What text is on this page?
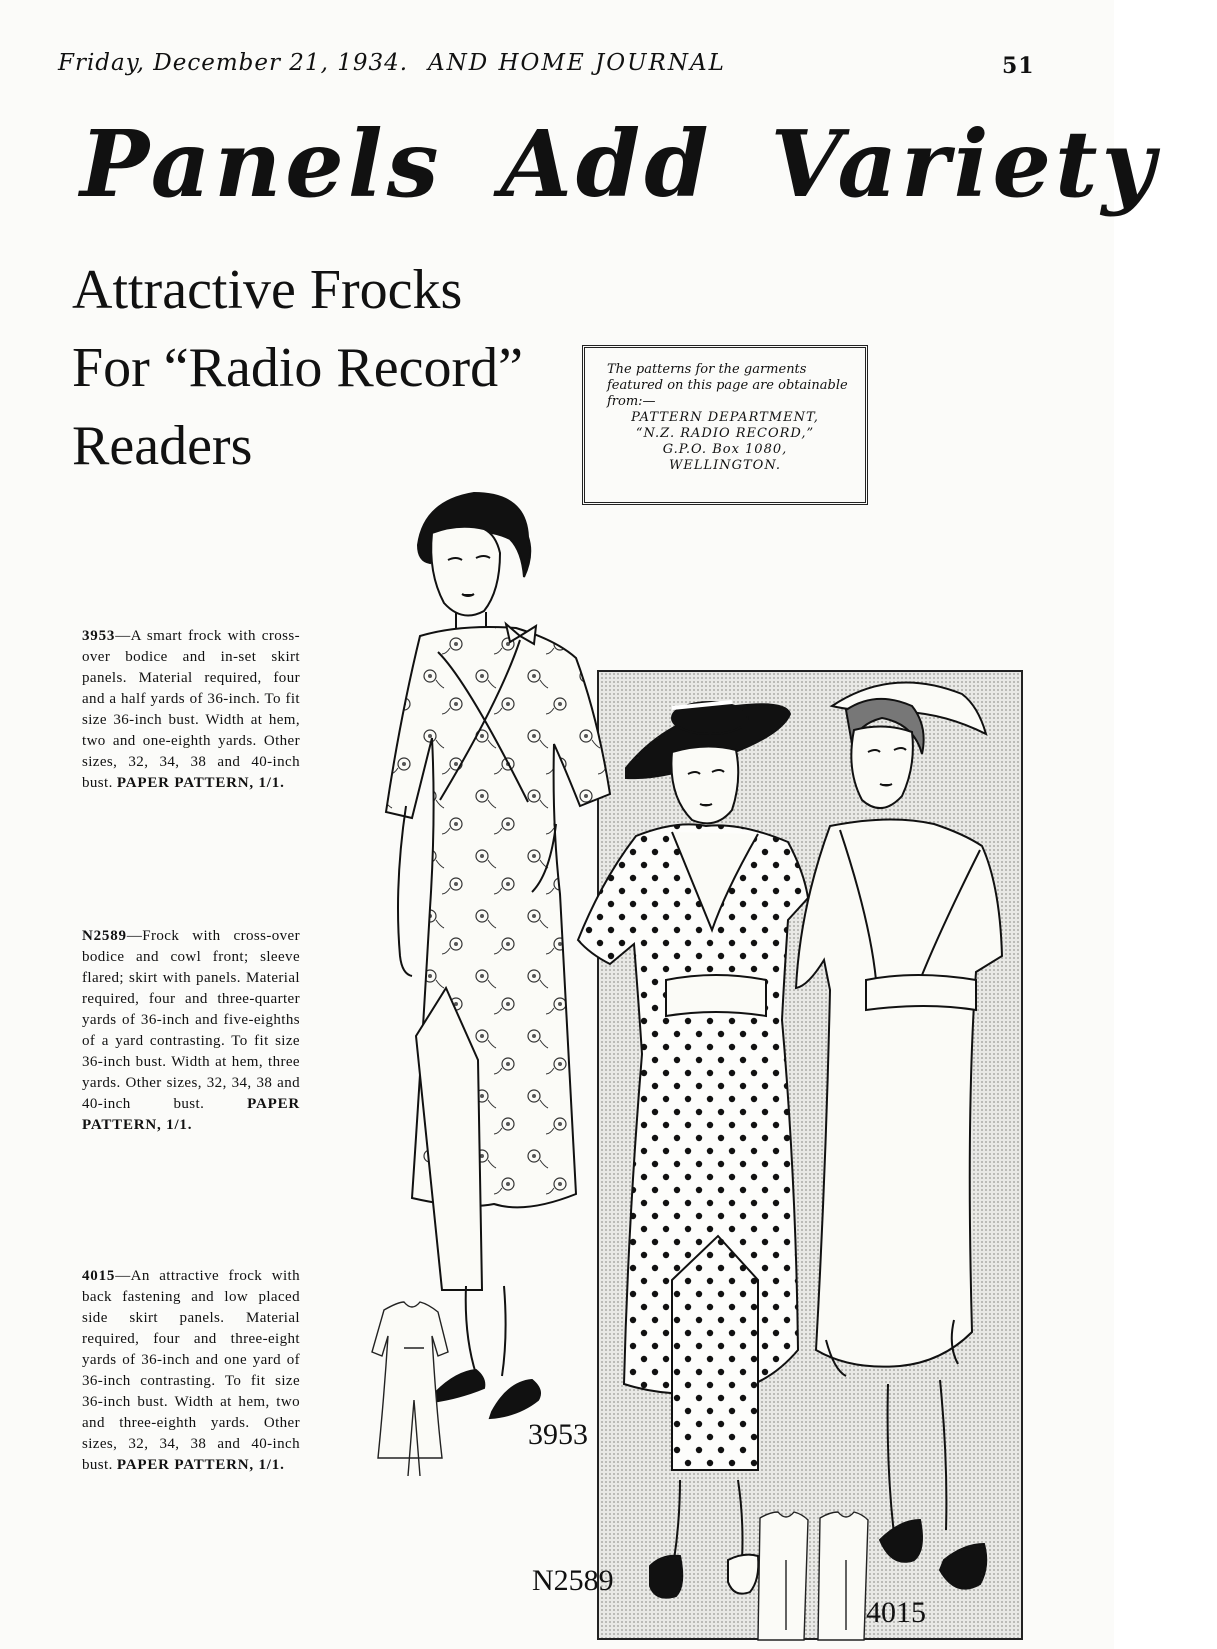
Friday, December 21, 1934. AND HOME JOURNAL	51
Panels Add Variety
Attractive Frocks
For “Radio Record”
Readers
The patterns for the garments featured on this page are obtainable from:—
PATTERN DEPARTMENT,
“N.Z. RADIO RECORD,”
G.P.O. Box 1080,
WELLINGTON.
3953—A smart frock with cross-over bodice and in-set skirt panels. Material required, four and a half yards of 36-inch. To fit size 36-inch bust. Width at hem, two and one-eighth yards. Other sizes, 32, 34, 38 and 40-inch bust. PAPER PATTERN, 1/1.
N2589—Frock with cross-over bodice and cowl front; sleeve flared; skirt with panels. Material required, four and three-quarter yards of 36-inch and five-eighths of a yard contrasting. To fit size 36-inch bust. Width at hem, three yards. Other sizes, 32, 34, 38 and 40-inch bust.	PAPER PATTERN, 1/1.
4015—An attractive frock with back fastening and low placed side skirt panels. Material required, four and three-eight yards of 36-inch and one yard of 36-inch contrasting. To fit size 36-inch bust. Width at hem, two and three-eighth yards. Other sizes, 32, 34, 38 and 40-inch bust. PAPER PATTERN, 1/1.
3953
N2589
4015
